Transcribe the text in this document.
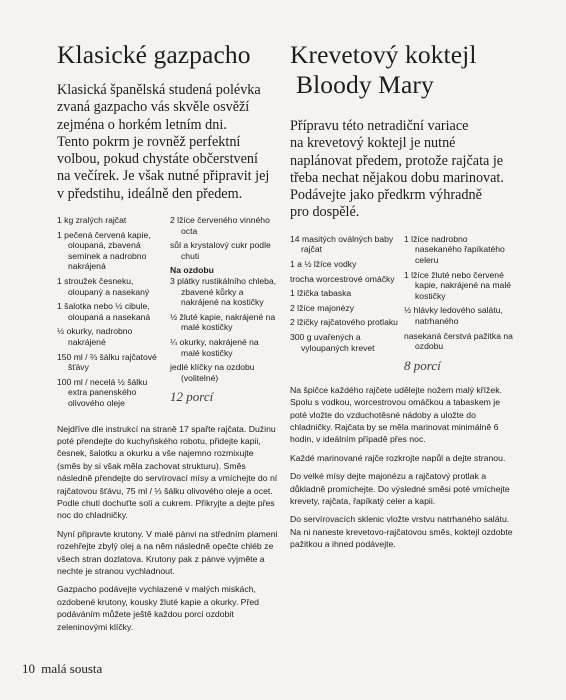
Klasické gazpacho
Klasická španělská studená polévka
zvaná gazpacho vás skvěle osvěží
zejména o horkém letním dni.
Tento pokrm je rovněž perfektní
volbou, pokud chystáte občerstvení
na večírek. Je však nutné připravit jej
v předstihu, ideálně den předem.
1 kg zralých rajčat
1 pečená červená kapie, oloupaná, zbavená semínek a nadrobno nakrájená
1 stroužek česneku, oloupaný a nasekaný
1 šalotka nebo ½ cibule, oloupaná a nasekaná
½ okurky, nadrobno nakrájené
150 ml / ⅔ šálku rajčatové šťávy
100 ml / necelá ½ šálku extra panenského olivového oleje
2 lžíce červeného vinného octa
sůl a krystalový cukr podle chuti
Na ozdobu
3 plátky rustikálního chleba, zbavené kůrky a nakrájené na kostičky
½ žluté kapie, nakrájené na malé kostičky
¼ okurky, nakrájené na malé kostičky
jedlé klíčky na ozdobu (volitelné)
12 porcí

Nejdříve dle instrukcí na straně 17 spařte rajčata. Dužinu poté přendejte do kuchyňského robotu, přidejte kapii, česnek, šalotku a okurku a vše najemno rozmixujte (směs by si však měla zachovat strukturu). Směs následně přendejte do servírovací mísy a vmíchejte do ní rajčatovou šťávu, 75 ml / ⅓ šálku olivového oleje a ocet. Podle chuti dochuťte solí a cukrem. Přikryjte a dejte přes noc do chladničky.

Nyní připravte krutony. V malé pánvi na středním plameni rozehřejte zbylý olej a na něm následně opečte chléb ze všech stran dozlatova. Krutony pak z pánve vyjměte a nechte je stranou vychladnout.

Gazpacho podávejte vychlazené v malých miskách, ozdobené krutony, kousky žluté kapie a okurky. Před podáváním můžete ještě každou porci ozdobit zeleninovými klíčky.

Krevetový koktejl
Bloody Mary
Přípravu této netradiční variace
na krevetový koktejl je nutné
naplánovat předem, protože rajčata je
třeba nechat nějakou dobu marinovat.
Podávejte jako předkrm výhradně
pro dospělé.
14 masitých oválných baby rajčat
1 a ½ lžíce vodky
trocha worcestrové omáčky
1 lžička tabaska
2 lžíce majonézy
2 lžičky rajčatového protlaku
300 g uvařených a vyloupaných krevet
1 lžíce nadrobno nasekaného řapíkatého celeru
1 lžíce žluté nebo červené kapie, nakrájené na malé kostičky
½ hlávky ledového salátu, natrhaného
nasekaná čerstvá pažitka na ozdobu
8 porcí

Na špičce každého rajčete udělejte nožem malý křížek. Spolu s vodkou, worcestrovou omáčkou a tabaskem je poté vložte do vzduchotěsné nádoby a uložte do chladničky. Rajčata by se měla marinovat minimálně 6 hodin, v ideálním případě přes noc.

Každé marinované rajče rozkrojte napůl a dejte stranou.

Do velké mísy dejte majonézu a rajčatový protlak a důkladně promíchejte. Do výsledné směsi poté vmíchejte krevety, rajčata, řapíkatý celer a kapii.

Do servírovacích sklenic vložte vrstvu natrhaného salátu. Na ni naneste krevetovo-rajčatovou směs, koktejl ozdobte pažitkou a ihned podávejte.

10 malá sousta
